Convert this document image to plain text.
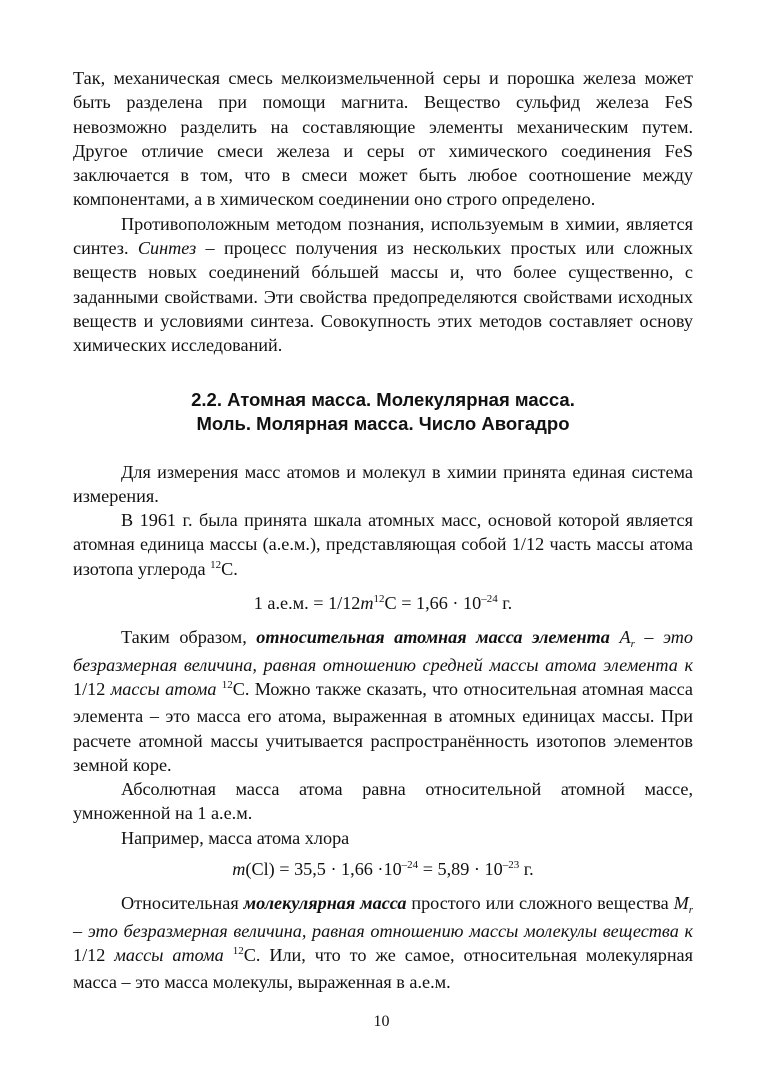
Так, механическая смесь мелкоизмельченной серы и порошка железа может быть разделена при помощи магнита. Вещество сульфид железа FeS невозможно разделить на составляющие элементы механическим путем. Другое отличие смеси железа и серы от химического соединения FeS заключается в том, что в смеси может быть любое соотношение между компонентами, а в химическом соединении оно строго определено.

Противоположным методом познания, используемым в химии, является синтез. Синтез – процесс получения из нескольких простых или сложных веществ новых соединений бóльшей массы и, что более существенно, с заданными свойствами. Эти свойства предопределяются свойствами исходных веществ и условиями синтеза. Совокупность этих методов составляет основу химических исследований.

2.2. Атомная масса. Молекулярная масса.
Моль. Молярная масса. Число Авогадро

Для измерения масс атомов и молекул в химии принята единая система измерения.

В 1961 г. была принята шкала атомных масс, основой которой является атомная единица массы (а.е.м.), представляющая собой 1/12 часть массы атома изотопа углерода $^{12}$С.

1 а.е.м. = $1/12m^{12}С = 1,66 \cdot 10^{-24}$ г.

Таким образом, относительная атомная масса элемента $A_r$ – это безразмерная величина, равная отношению средней массы атома элемента к 1/12 массы атома $^{12}$С. Можно также сказать, что относительная атомная масса элемента – это масса его атома, выраженная в атомных единицах массы. При расчете атомной массы учитывается распространённость изотопов элементов земной коре.

Абсолютная масса атома равна относительной атомной массе, умноженной на 1 а.е.м.

Например, масса атома хлора

$m(Cl) = 35,5 \cdot 1,66 \cdot 10^{-24} = 5,89 \cdot 10^{-23}$ г.

Относительная молекулярная масса простого или сложного вещества $M_r$ – это безразмерная величина, равная отношению массы молекулы вещества к 1/12 массы атома $^{12}$С. Или, что то же самое, относительная молекулярная масса – это масса молекулы, выраженная в а.е.м.

10
